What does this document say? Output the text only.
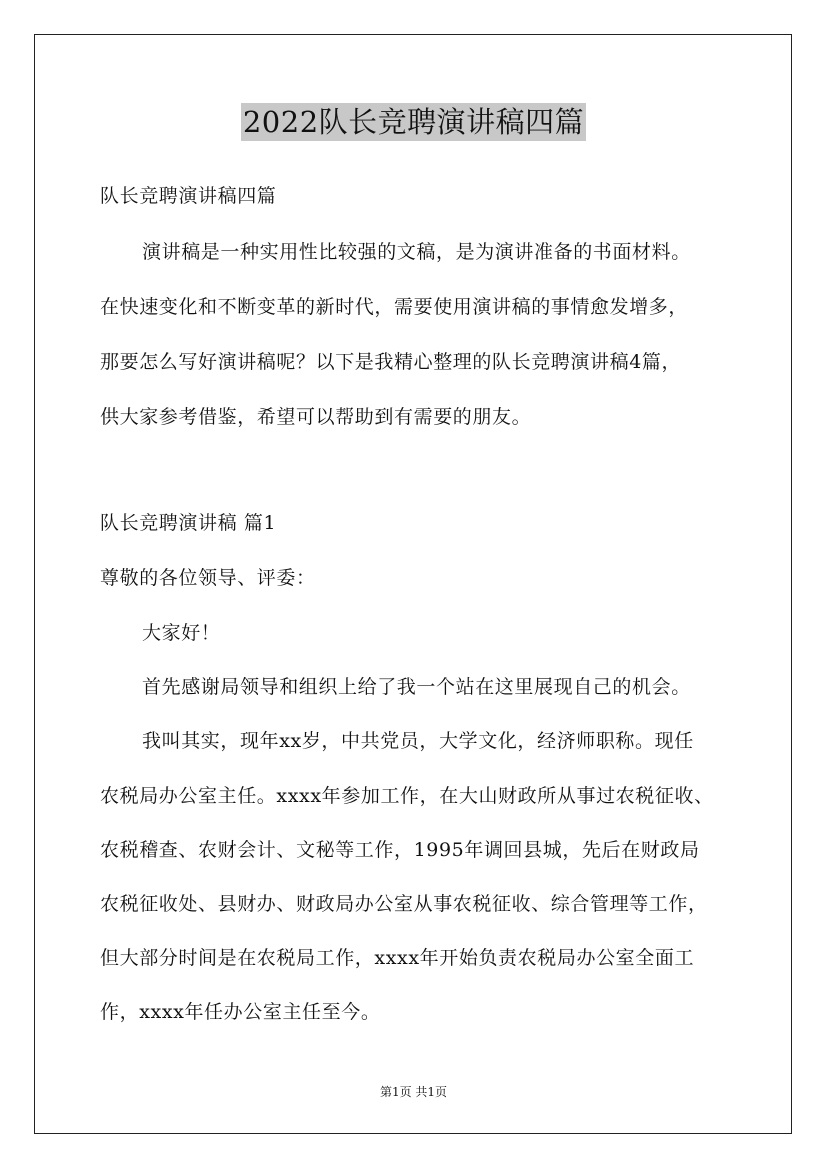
2022队长竞聘演讲稿四篇
队长竞聘演讲稿四篇
演讲稿是一种实用性比较强的文稿，是为演讲准备的书面材料。
在快速变化和不断变革的新时代，需要使用演讲稿的事情愈发增多，
那要怎么写好演讲稿呢？以下是我精心整理的队长竞聘演讲稿4篇，
供大家参考借鉴，希望可以帮助到有需要的朋友。
队长竞聘演讲稿 篇1
尊敬的各位领导、评委：
大家好！
首先感谢局领导和组织上给了我一个站在这里展现自己的机会。
我叫其实，现年xx岁，中共党员，大学文化，经济师职称。现任
农税局办公室主任。xxxx年参加工作，在大山财政所从事过农税征收、
农税稽查、农财会计、文秘等工作，1995年调回县城，先后在财政局
农税征收处、县财办、财政局办公室从事农税征收、综合管理等工作，
但大部分时间是在农税局工作，xxxx年开始负责农税局办公室全面工
作，xxxx年任办公室主任至今。
第1页 共1页
